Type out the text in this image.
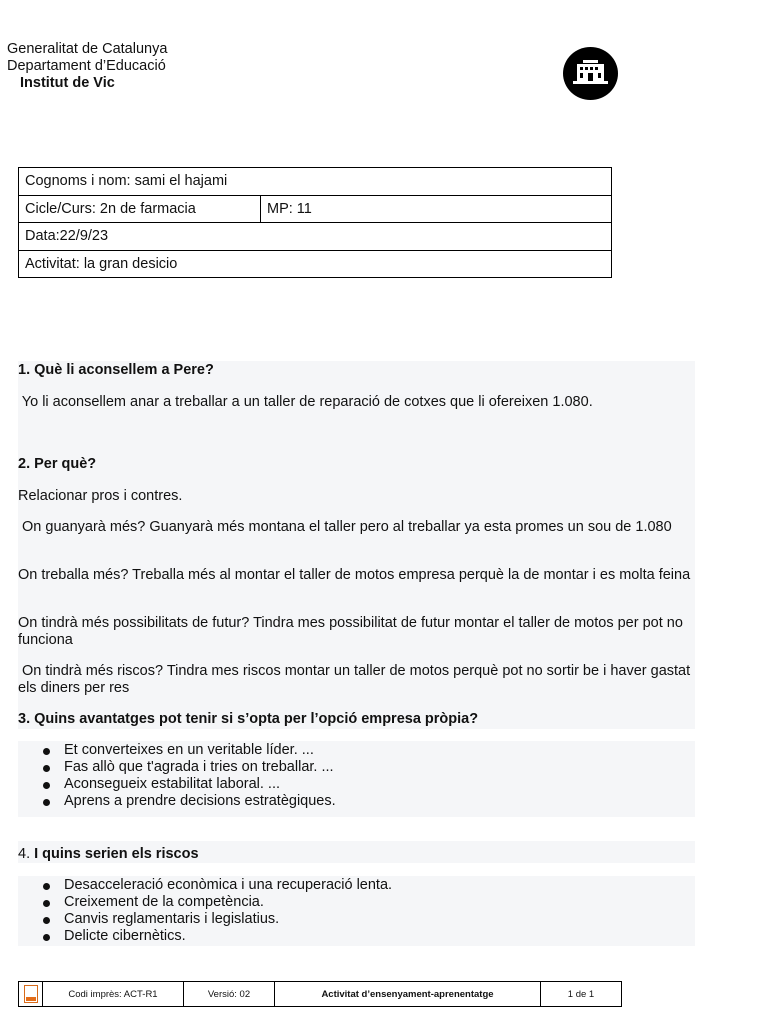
Generalitat de Catalunya
Departament d’Educació
Institut de Vic
Cognoms i nom: sami el hajami
Cicle/Curs: 2n de farmacia	MP: 11
Data:22/9/23
Activitat: la gran desicio
1. Què li aconsellem a Pere?
Yo li aconsellem anar a treballar a un taller de reparació de cotxes que li ofereixen 1.080.
2. Per què?
Relacionar pros i contres.
On guanyarà més? Guanyarà més montana el taller pero al treballar ya esta promes un sou de 1.080
On treballa més? Treballa més al montar el taller de motos empresa perquè la de montar i es molta feina
On tindrà més possibilitats de futur? Tindra mes possibilitat de futur montar el taller de motos per pot no funciona
On tindrà més riscos? Tindra mes riscos montar un taller de motos perquè pot no sortir be i haver gastat els diners per res
3. Quins avantatges pot tenir si s’opta per l’opció empresa pròpia?
Et converteixes en un veritable líder. ...
Fas allò que t'agrada i tries on treballar. ...
Aconsegueix estabilitat laboral. ...
Aprens a prendre decisions estratègiques.
4. I quins serien els riscos
Desacceleració econòmica i una recuperació lenta.
Creixement de la competència.
Canvis reglamentaris i legislatius.
Delicte cibernètics.
	Codi imprès: ACT-R1	Versió: 02	Activitat d’ensenyament-aprenentatge	1 de 1
